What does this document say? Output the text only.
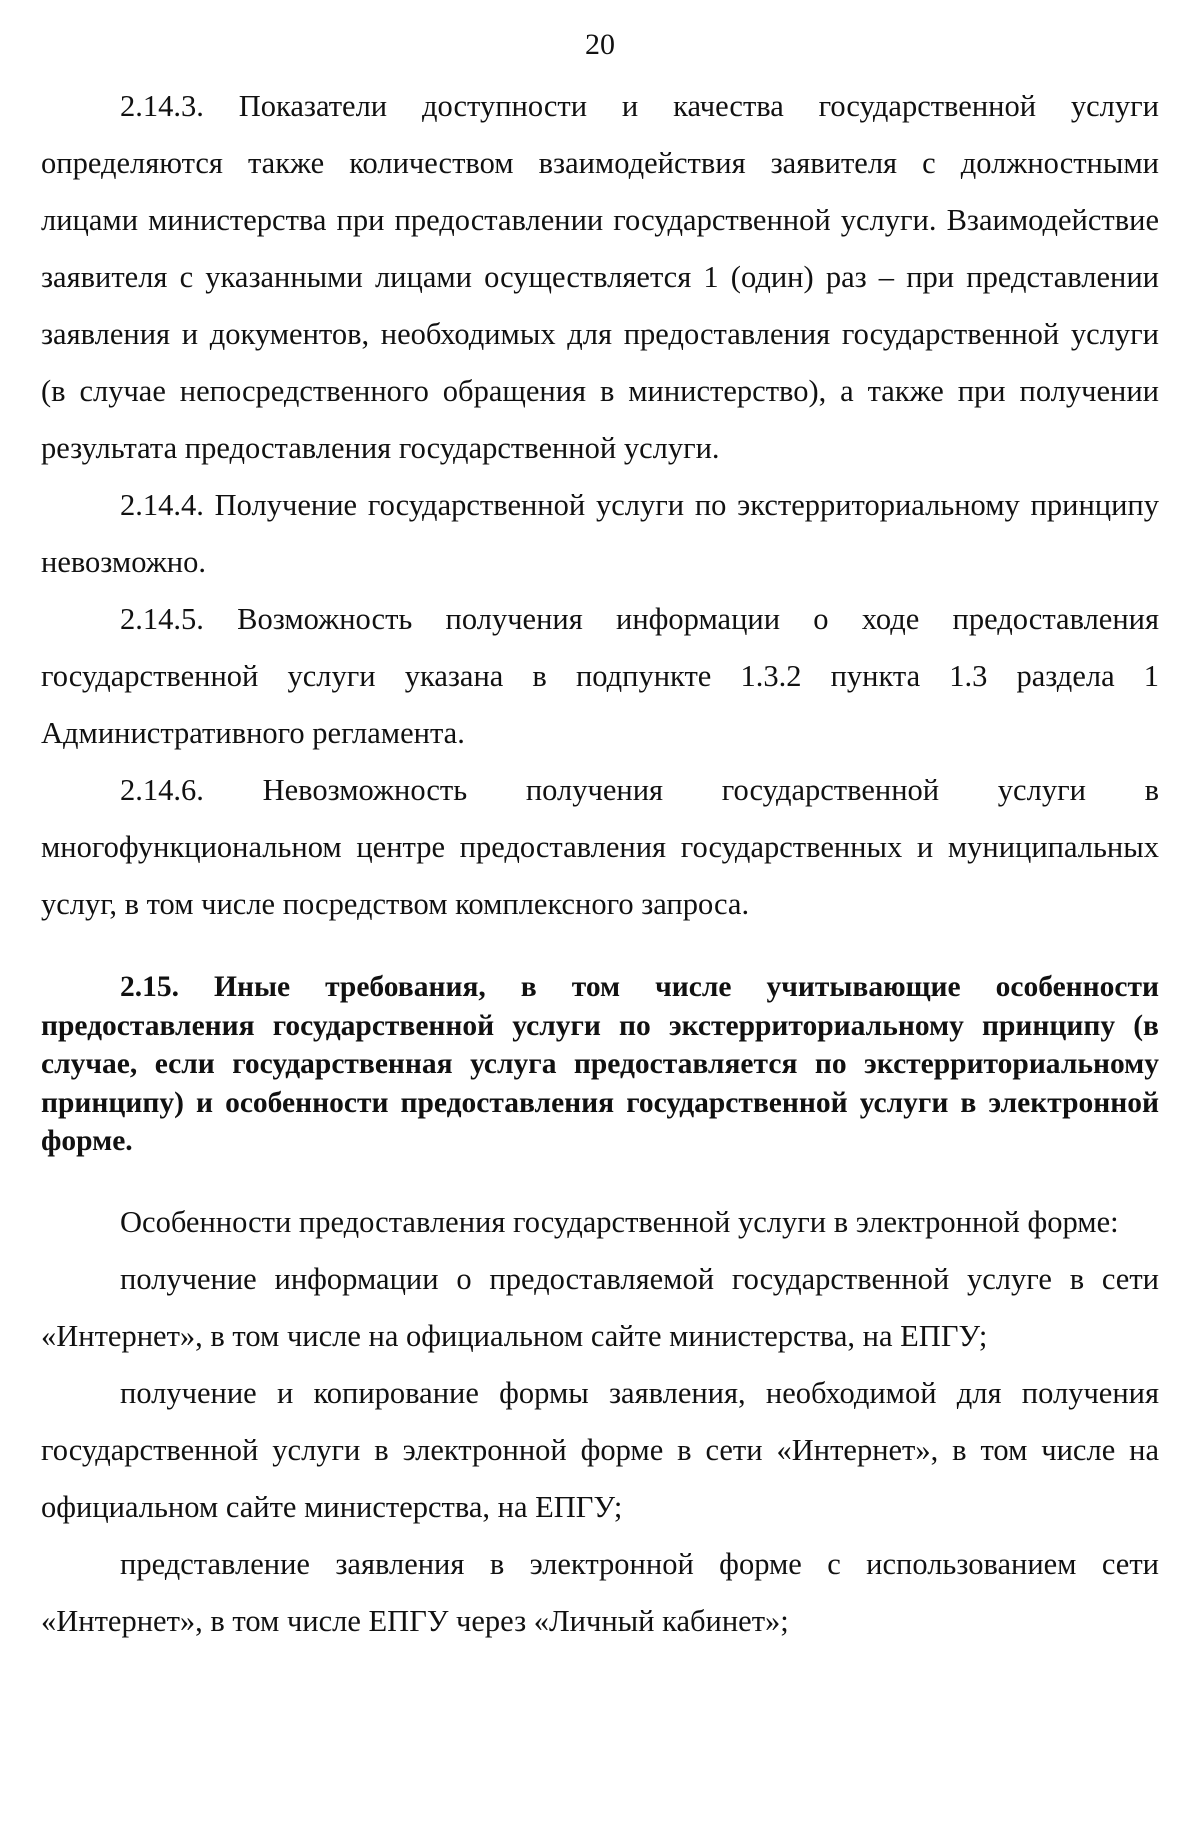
20

2.14.3. Показатели доступности и качества государственной услуги определяются также количеством взаимодействия заявителя с должностными лицами министерства при предоставлении государственной услуги. Взаимодействие заявителя с указанными лицами осуществляется 1 (один) раз – при представлении заявления и документов, необходимых для предоставления государственной услуги (в случае непосредственного обращения в министерство), а также при получении результата предоставления государственной услуги.

2.14.4. Получение государственной услуги по экстерриториальному принципу невозможно.

2.14.5. Возможность получения информации о ходе предоставления государственной услуги указана в подпункте 1.3.2 пункта 1.3 раздела 1 Административного регламента.

2.14.6. Невозможность получения государственной услуги в многофункциональном центре предоставления государственных и муниципальных услуг, в том числе посредством комплексного запроса.

2.15. Иные требования, в том числе учитывающие особенности предоставления государственной услуги по экстерриториальному принципу (в случае, если государственная услуга предоставляется по экстерриториальному принципу) и особенности предоставления государственной услуги в электронной форме.

Особенности предоставления государственной услуги в электронной форме:

получение информации о предоставляемой государственной услуге в сети «Интернет», в том числе на официальном сайте министерства, на ЕПГУ;

получение и копирование формы заявления, необходимой для получения государственной услуги в электронной форме в сети «Интернет», в том числе на официальном сайте министерства, на ЕПГУ;

представление заявления в электронной форме с использованием сети «Интернет», в том числе ЕПГУ через «Личный кабинет»;
